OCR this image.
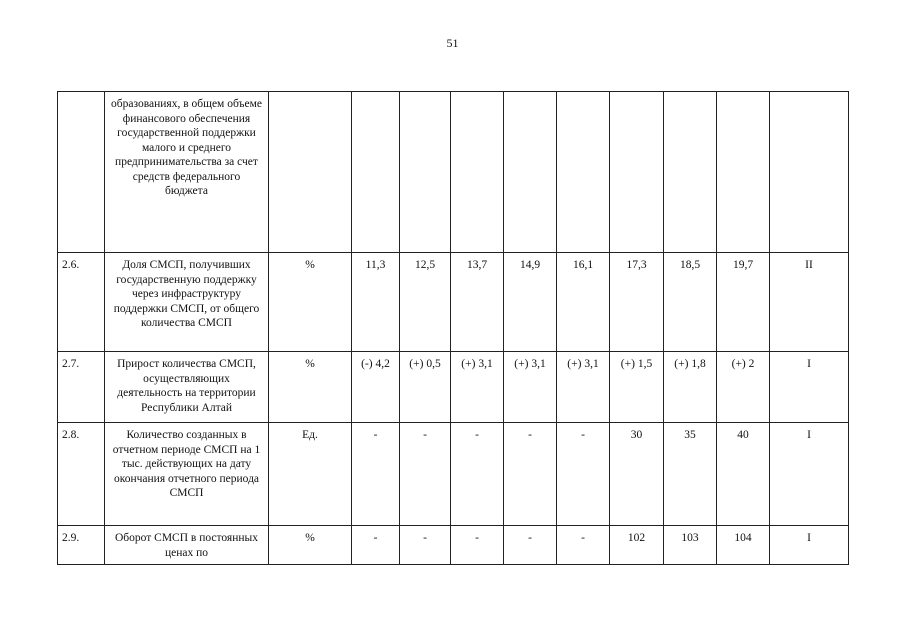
51
	образованиях, в общем объеме финансового обеспечения государственной поддержки малого и среднего предпринимательства за счет средств федерального бюджета										
2.6.	Доля СМСП, получивших государственную поддержку через инфраструктуру поддержки СМСП, от общего количества СМСП	%	11,3	12,5	13,7	14,9	16,1	17,3	18,5	19,7	II
2.7.	Прирост количества СМСП, осуществляющих деятельность на территории Республики Алтай	%	(-) 4,2	(+) 0,5	(+) 3,1	(+) 3,1	(+) 3,1	(+) 1,5	(+) 1,8	(+) 2	I
2.8.	Количество созданных в отчетном периоде СМСП на 1 тыс. действующих на дату окончания отчетного периода СМСП	Ед.	-	-	-	-	-	30	35	40	I
2.9.	Оборот СМСП в постоянных ценах по	%	-	-	-	-	-	102	103	104	I
